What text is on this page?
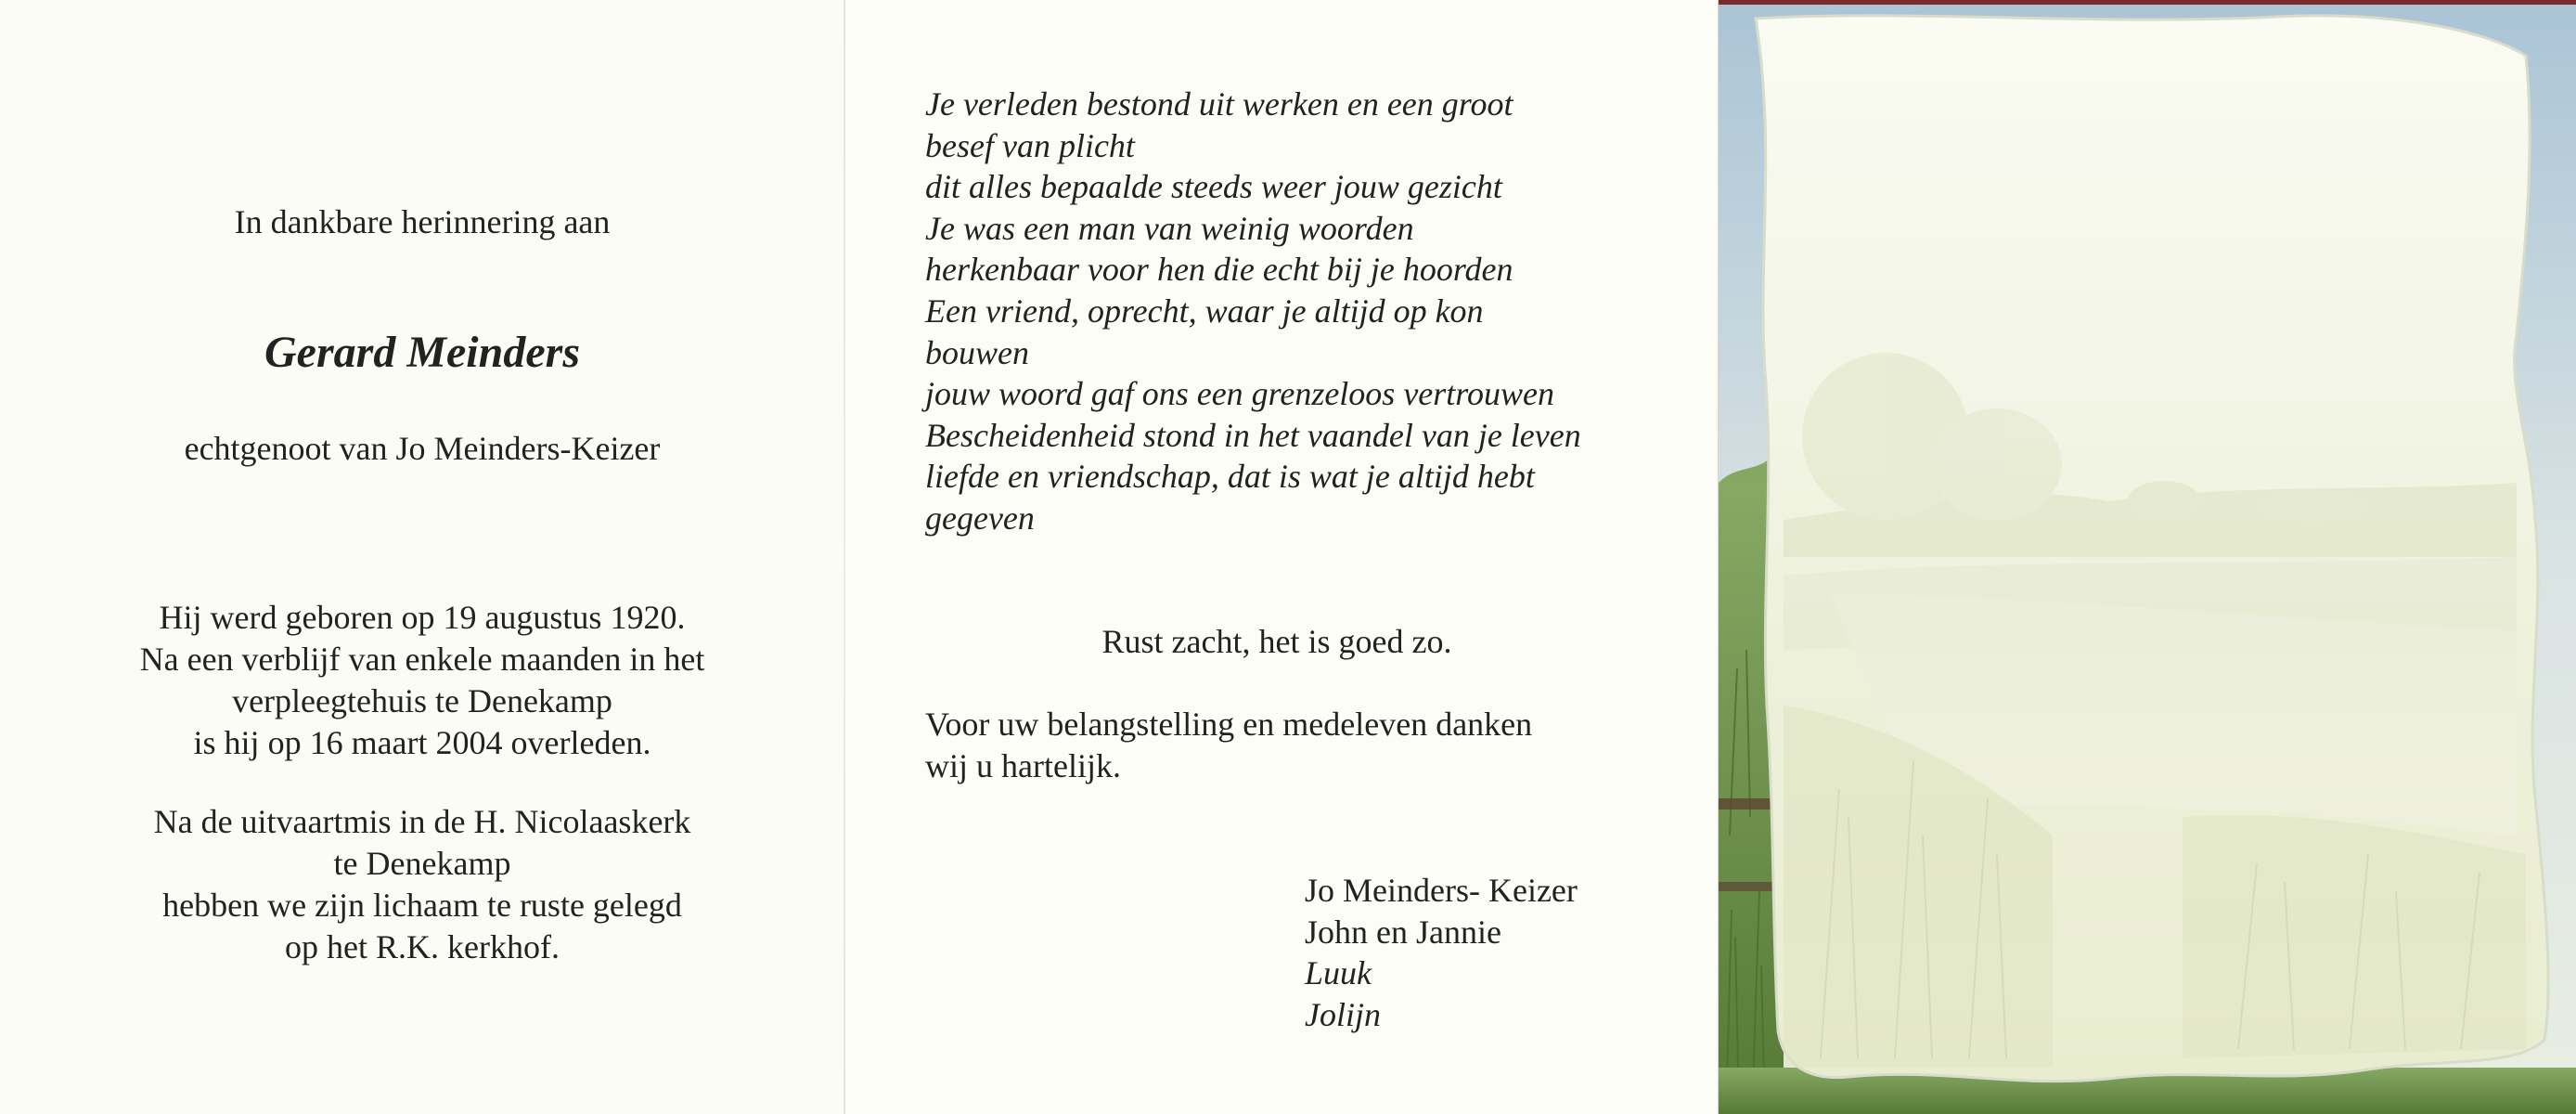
In dankbare herinnering aan
Gerard Meinders
echtgenoot van Jo Meinders-Keizer
Hij werd geboren op 19 augustus 1920.
Na een verblijf van enkele maanden in het
verpleegtehuis te Denekamp
is hij op 16 maart 2004 overleden.
Na de uitvaartmis in de H. Nicolaaskerk
te Denekamp
hebben we zijn lichaam te ruste gelegd
op het R.K. kerkhof.
Je verleden bestond uit werken en een groot
besef van plicht
dit alles bepaalde steeds weer jouw gezicht
Je was een man van weinig woorden
herkenbaar voor hen die echt bij je hoorden
Een vriend, oprecht, waar je altijd op kon
bouwen
jouw woord gaf ons een grenzeloos vertrouwen
Bescheidenheid stond in het vaandel van je leven
liefde en vriendschap, dat is wat je altijd hebt
gegeven
Rust zacht, het is goed zo.
Voor uw belangstelling en medeleven danken
wij u hartelijk.
Jo Meinders- Keizer
John en Jannie
Luuk
Jolijn
